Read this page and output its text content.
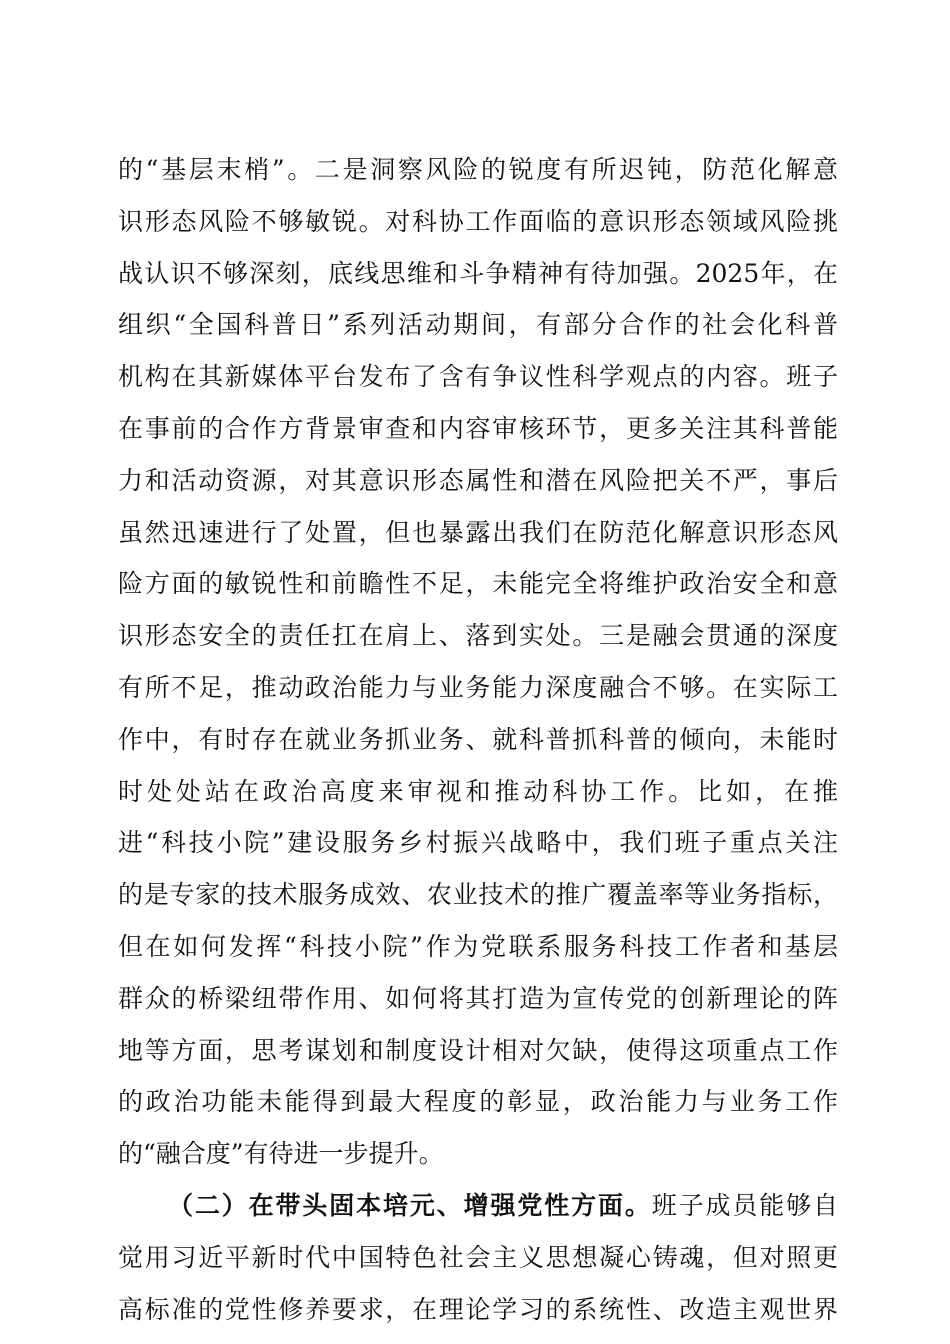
的“基层末梢”。二是洞察风险的锐度有所迟钝，防范化解意
识形态风险不够敏锐。对科协工作面临的意识形态领域风险挑
战认识不够深刻，底线思维和斗争精神有待加强。2025年，在
组织“全国科普日”系列活动期间，有部分合作的社会化科普
机构在其新媒体平台发布了含有争议性科学观点的内容。班子
在事前的合作方背景审查和内容审核环节，更多关注其科普能
力和活动资源，对其意识形态属性和潜在风险把关不严，事后
虽然迅速进行了处置，但也暴露出我们在防范化解意识形态风
险方面的敏锐性和前瞻性不足，未能完全将维护政治安全和意
识形态安全的责任扛在肩上、落到实处。三是融会贯通的深度
有所不足，推动政治能力与业务能力深度融合不够。在实际工
作中，有时存在就业务抓业务、就科普抓科普的倾向，未能时
时处处站在政治高度来审视和推动科协工作。比如，在推
进“科技小院”建设服务乡村振兴战略中，我们班子重点关注
的是专家的技术服务成效、农业技术的推广覆盖率等业务指标，
但在如何发挥“科技小院”作为党联系服务科技工作者和基层
群众的桥梁纽带作用、如何将其打造为宣传党的创新理论的阵
地等方面，思考谋划和制度设计相对欠缺，使得这项重点工作
的政治功能未能得到最大程度的彰显，政治能力与业务工作
的“融合度”有待进一步提升。
（二）在带头固本培元、增强党性方面。班子成员能够自
觉用习近平新时代中国特色社会主义思想凝心铸魂，但对照更
高标准的党性修养要求，在理论学习的系统性、改造主观世界
